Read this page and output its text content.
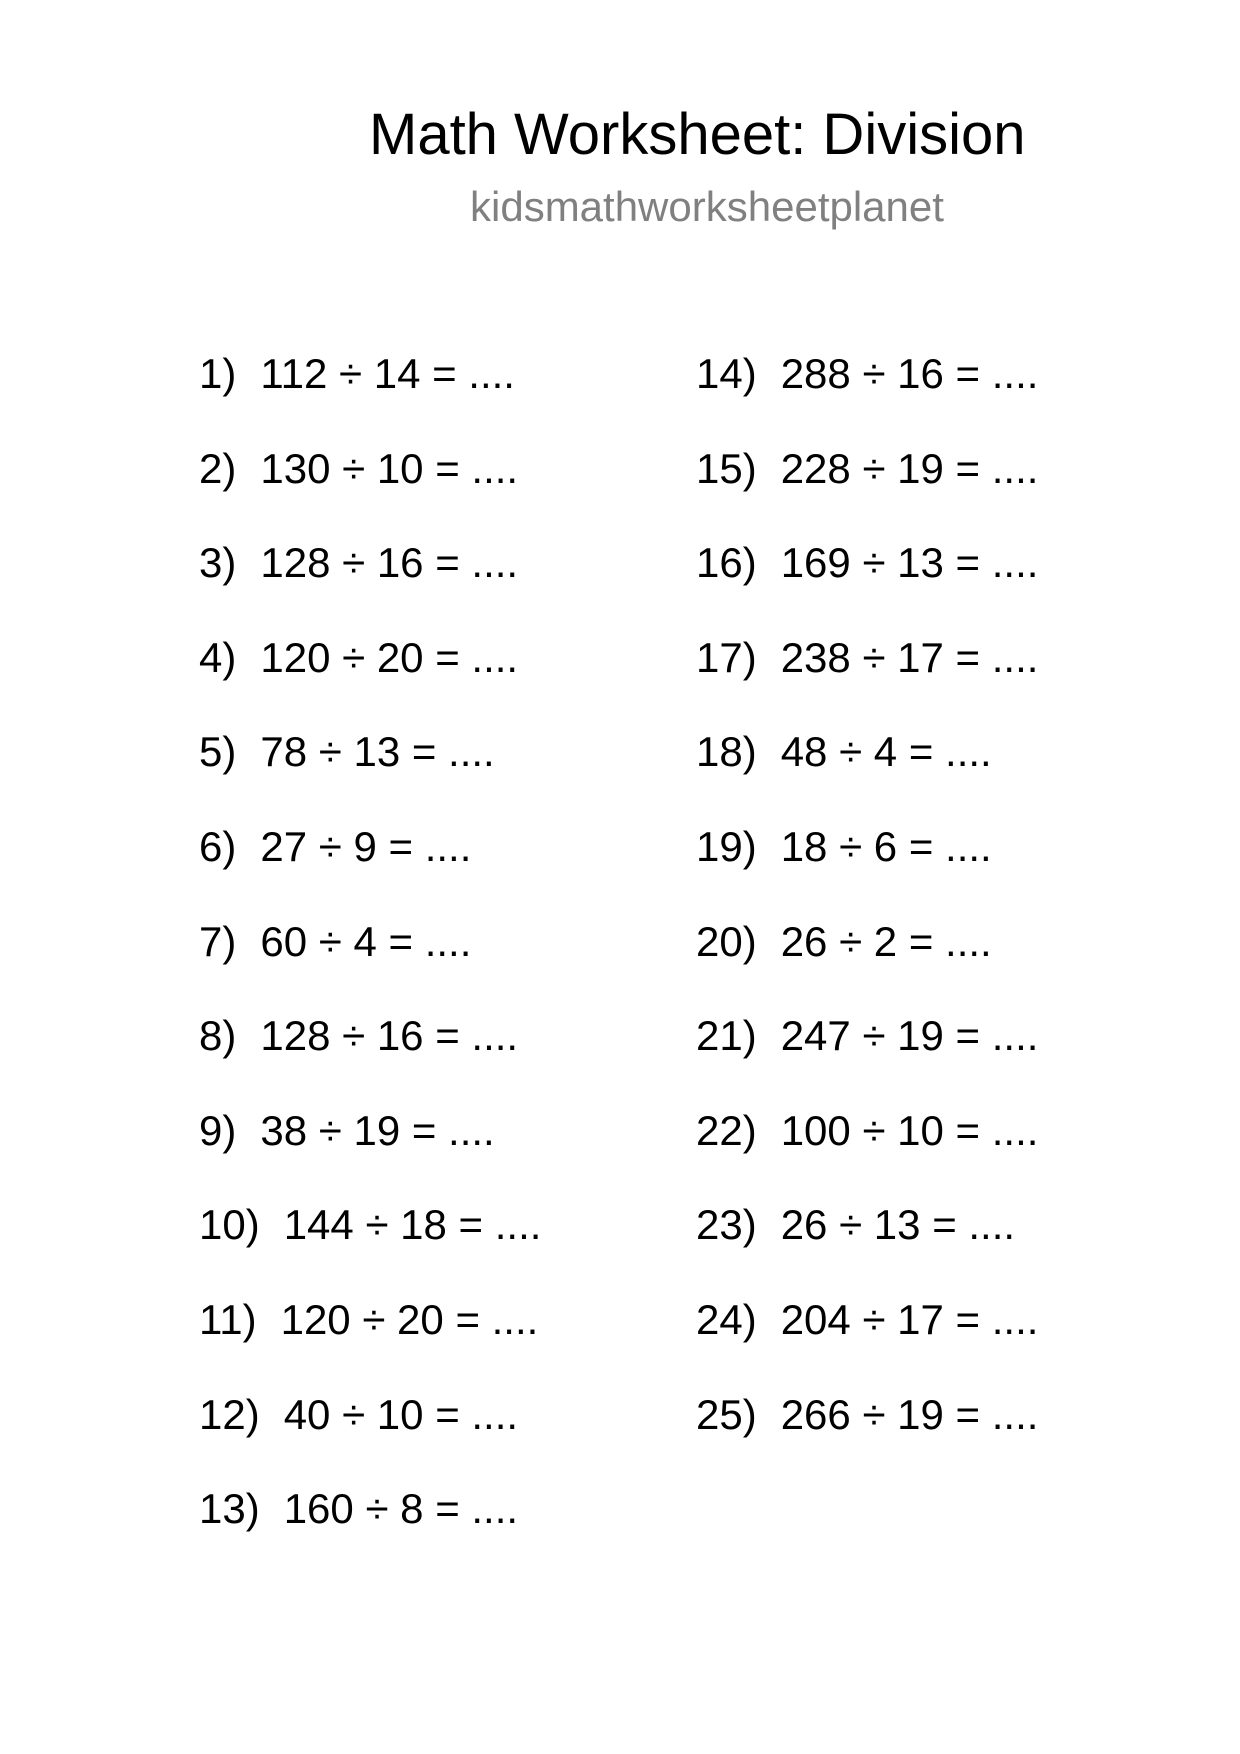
Math Worksheet: Division
kidsmathworksheetplanet
1) 112 ÷ 14 = ....
2) 130 ÷ 10 = ....
3) 128 ÷ 16 = ....
4) 120 ÷ 20 = ....
5) 78 ÷ 13 = ....
6) 27 ÷ 9 = ....
7) 60 ÷ 4 = ....
8) 128 ÷ 16 = ....
9) 38 ÷ 19 = ....
10) 144 ÷ 18 = ....
11) 120 ÷ 20 = ....
12) 40 ÷ 10 = ....
13) 160 ÷ 8 = ....
14) 288 ÷ 16 = ....
15) 228 ÷ 19 = ....
16) 169 ÷ 13 = ....
17) 238 ÷ 17 = ....
18) 48 ÷ 4 = ....
19) 18 ÷ 6 = ....
20) 26 ÷ 2 = ....
21) 247 ÷ 19 = ....
22) 100 ÷ 10 = ....
23) 26 ÷ 13 = ....
24) 204 ÷ 17 = ....
25) 266 ÷ 19 = ....
